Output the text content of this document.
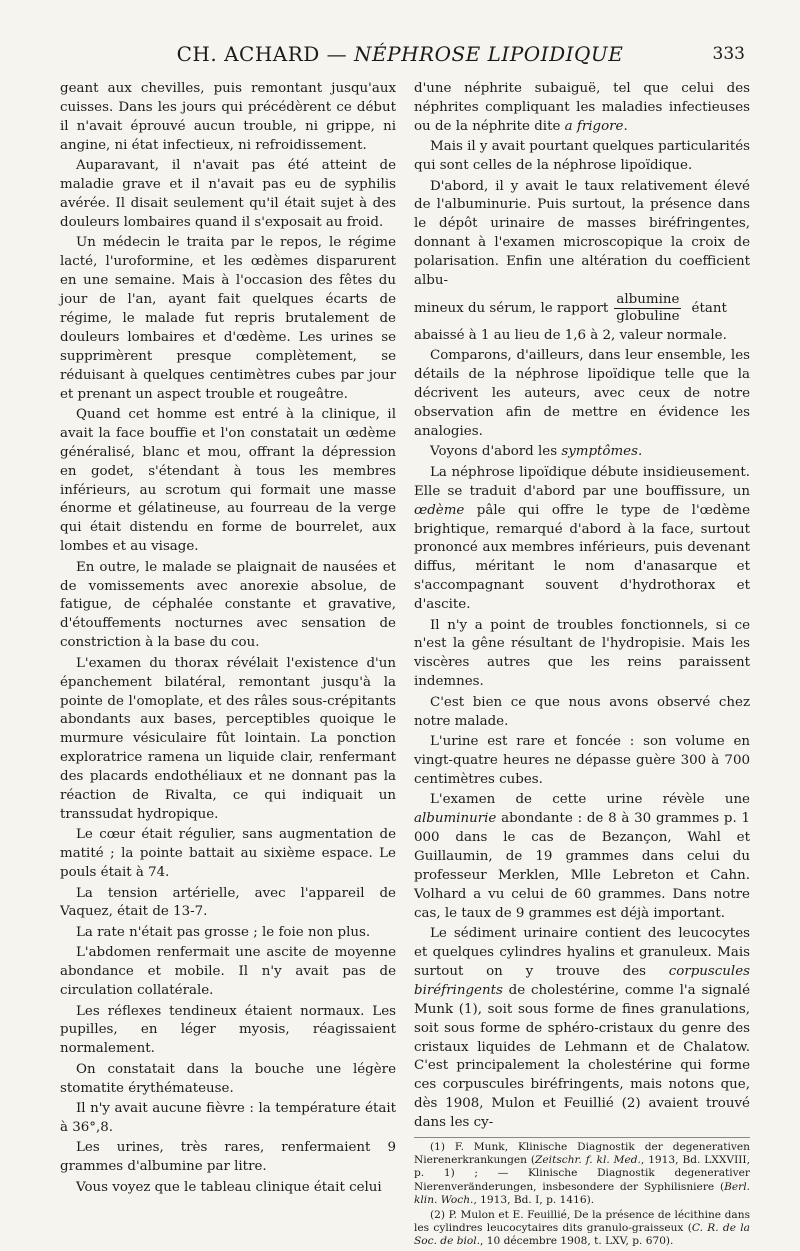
CH. ACHARD — NÉPHROSE LIPOIDIQUE	333

geant aux chevilles, puis remontant jusqu'aux cuisses. Dans les jours qui précédèrent ce début il n'avait éprouvé aucun trouble, ni grippe, ni angine, ni état infectieux, ni refroidissement.

Auparavant, il n'avait pas été atteint de maladie grave et il n'avait pas eu de syphilis avérée. Il disait seulement qu'il était sujet à des douleurs lombaires quand il s'exposait au froid.

Un médecin le traita par le repos, le régime lacté, l'uroformine, et les œdèmes disparurent en une semaine. Mais à l'occasion des fêtes du jour de l'an, ayant fait quelques écarts de régime, le malade fut repris brutalement de douleurs lombaires et d'œdème. Les urines se supprimèrent presque complètement, se réduisant à quelques centimètres cubes par jour et prenant un aspect trouble et rougeâtre.

Quand cet homme est entré à la clinique, il avait la face bouffie et l'on constatait un œdème généralisé, blanc et mou, offrant la dépression en godet, s'étendant à tous les membres inférieurs, au scrotum qui formait une masse énorme et gélatineuse, au fourreau de la verge qui était distendu en forme de bourrelet, aux lombes et au visage.

En outre, le malade se plaignait de nausées et de vomissements avec anorexie absolue, de fatigue, de céphalée constante et gravative, d'étouffements nocturnes avec sensation de constriction à la base du cou.

L'examen du thorax révélait l'existence d'un épanchement bilatéral, remontant jusqu'à la pointe de l'omoplate, et des râles sous-crépitants abondants aux bases, perceptibles quoique le murmure vésiculaire fût lointain. La ponction exploratrice ramena un liquide clair, renfermant des placards endothéliaux et ne donnant pas la réaction de Rivalta, ce qui indiquait un transsudat hydropique.

Le cœur était régulier, sans augmentation de matité ; la pointe battait au sixième espace. Le pouls était à 74.

La tension artérielle, avec l'appareil de Vaquez, était de 13-7.

La rate n'était pas grosse ; le foie non plus.

L'abdomen renfermait une ascite de moyenne abondance et mobile. Il n'y avait pas de circulation collatérale.

Les réflexes tendineux étaient normaux. Les pupilles, en léger myosis, réagissaient normalement.

On constatait dans la bouche une légère stomatite érythémateuse.

Il n'y avait aucune fièvre : la température était à 36°,8.

Les urines, très rares, renfermaient 9 grammes d'albumine par litre.

Vous voyez que le tableau clinique était celui

d'une néphrite subaiguë, tel que celui des néphrites compliquant les maladies infectieuses ou de la néphrite dite a frigore.

Mais il y avait pourtant quelques particularités qui sont celles de la néphrose lipoïdique.

D'abord, il y avait le taux relativement élevé de l'albuminurie. Puis surtout, la présence dans le dépôt urinaire de masses biréfringentes, donnant à l'examen microscopique la croix de polarisation. Enfin une altération du coefficient albu-

mineux du sérum, le rapport $\frac{\text{albumine}}{\text{globuline}}$ étant

abaissé à 1 au lieu de 1,6 à 2, valeur normale.

Comparons, d'ailleurs, dans leur ensemble, les détails de la néphrose lipoïdique telle que la décrivent les auteurs, avec ceux de notre observation afin de mettre en évidence les analogies.

Voyons d'abord les symptômes.

La néphrose lipoïdique débute insidieusement. Elle se traduit d'abord par une bouffissure, un œdème pâle qui offre le type de l'œdème brightique, remarqué d'abord à la face, surtout prononcé aux membres inférieurs, puis devenant diffus, méritant le nom d'anasarque et s'accompagnant souvent d'hydrothorax et d'ascite.

Il n'y a point de troubles fonctionnels, si ce n'est la gêne résultant de l'hydropisie. Mais les viscères autres que les reins paraissent indemnes.

C'est bien ce que nous avons observé chez notre malade.

L'urine est rare et foncée : son volume en vingt-quatre heures ne dépasse guère 300 à 700 centimètres cubes.

L'examen de cette urine révèle une albuminurie abondante : de 8 à 30 grammes p. 1 000 dans le cas de Bezançon, Wahl et Guillaumin, de 19 grammes dans celui du professeur Merklen, Mlle Lebreton et Cahn. Volhard a vu celui de 60 grammes. Dans notre cas, le taux de 9 grammes est déjà important.

Le sédiment urinaire contient des leucocytes et quelques cylindres hyalins et granuleux. Mais surtout on y trouve des corpuscules biréfringents de cholestérine, comme l'a signalé Munk (1), soit sous forme de fines granulations, soit sous forme de sphéro-cristaux du genre des cristaux liquides de Lehmann et de Chalatow. C'est principalement la cholestérine qui forme ces corpuscules biréfringents, mais notons que, dès 1908, Mulon et Feuillié (2) avaient trouvé dans les cy-

(1) F. Munk, Klinische Diagnostik der degenerativen Nierenerkrankungen (Zeitschr. f. kl. Med., 1913, Bd. LXXVIII, p. 1) ; — Klinische Diagnostik degenerativer Nierenveränderungen, insbesondere der Syphilisniere (Berl. klin. Woch., 1913, Bd. I, p. 1416).

(2) P. Mulon et E. Feuillié, De la présence de lécithine dans les cylindres leucocytaires dits granulo-graisseux (C. R. de la Soc. de biol., 10 décembre 1908, t. LXV, p. 670).
